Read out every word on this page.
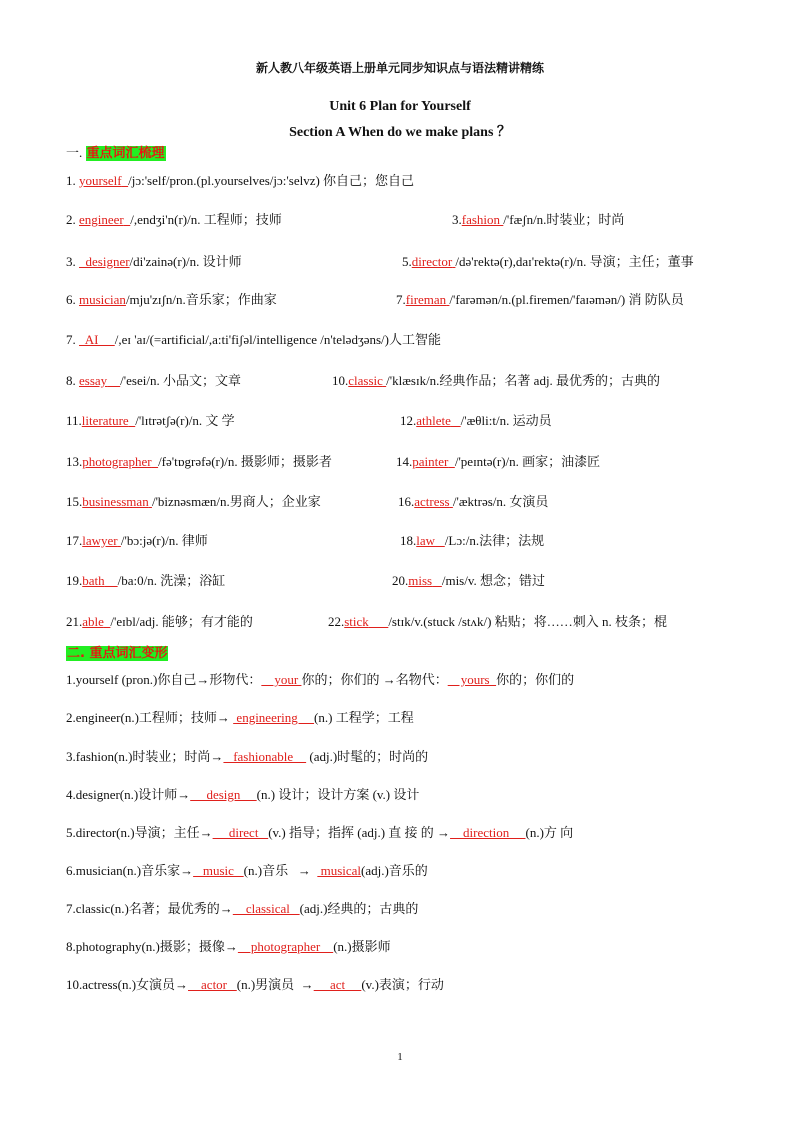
新人教八年级英语上册单元同步知识点与语法精讲精练
Unit 6 Plan for Yourself
Section A When do we make plans ？
一. 重点词汇梳理
1. yourself /jɔ:'self/pron.(pl.yourselves/jɔ:'selvz) 你自己；您自己
2. engineer /,endʒi'n(r)/n. 工程师；技师	3.fashion /'fæʃn/n.时装业；时尚
3.   designer/di'zainə(r)/n. 设计师	5.director /də'rektə(r),daɪ'rektə(r)/n. 导演；主任；董事
6. musician/mju'zɪʃn/n.音乐家；作曲家	7.fireman /'farəmən/n.(pl.firemen/'faɪəmən/) 消 防队员
7.   AI     /,eɪ 'aɪ/(=artificial/,a:ti'fiʃəl/intelligence /n'telədʒəns/)人工智能
8. essay /'esei/n. 小品文；文章	10.classic /'klæsɪk/n.经典作品；名著 adj. 最优秀的；古典的
11.literature /'lɪtrətʃə(r)/n. 文 学	12.athlete /'æθli:t/n. 运动员
13.photographer /fə'tɒgrəfə(r)/n. 摄影师；摄影者	14.painter /'peɪntə(r)/n. 画家；油漆匠
15.businessman /'biznəsmæn/n.男商人；企业家	16.actress /'æktrəs/n. 女演员
17.lawyer /'bɔ:jə(r)/n. 律师	18.law /Lɔ:/n.法律；法规
19.bath /ba:0/n. 洗澡；浴缸	20.miss /mis/v. 想念；错过
21.able /'eɪbl/adj. 能够；有才能的	22.stick /stɪk/v.(stuck /stʌk/) 粘贴；将……刺入 n. 枝条；棍
二. 重点词汇变形
1.yourself (pron.)你自己→形物代：    your 你的；你们的 →名物代：    yours  你的；你们的
2.engineer(n.)工程师；技师→  engineering     (n.) 工程学；工程
3.fashion(n.)时装业；时尚→   fashionable     (adj.)时髦的；时尚的
4.designer(n.)设计师→     design     (n.) 设计；设计方案 (v.) 设计
5.director(n.)导演；主任→     direct   (v.) 指导；指挥 (adj.) 直 接 的 →    direction     (n.)方 向
6.musician(n.)音乐家→   music   (n.)音乐   →   musical(adj.)音乐的
7.classic(n.)名著；最优秀的→    classical   (adj.)经典的；古典的
8.photography(n.)摄影；摄像→    photographer    (n.)摄影师
10.actress(n.)女演员→    actor   (n.)男演员  →     act     (v.)表演；行动
1
